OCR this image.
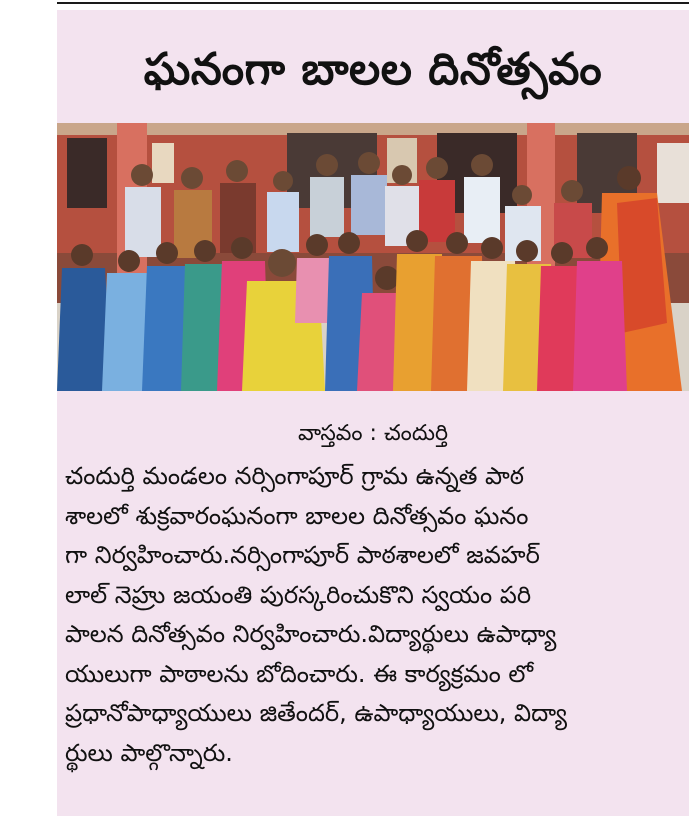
ఘనంగా బాలల దినోత్సవం
వాస్తవం : చందుర్తి
చందుర్తి మండలం నర్సింగాపూర్ గ్రామ ఉన్నత పాఠ
శాలలో శుక్రవారంఘనంగా బాలల దినోత్సవం ఘనం
గా నిర్వహించారు.నర్సింగాపూర్ పాఠశాలలో జవహర్
లాల్ నెహ్రు జయంతి పురస్కరించుకొని స్వయం పరి
పాలన దినోత్సవం నిర్వహించారు.విద్యార్థులు ఉపాధ్యా
యులుగా పాఠాలను బోదించారు. ఈ కార్యక్రమం లో
ప్రధానోపాధ్యాయులు జితేందర్, ఉపాధ్యాయులు, విద్యా
ర్థులు పాల్గొన్నారు.
